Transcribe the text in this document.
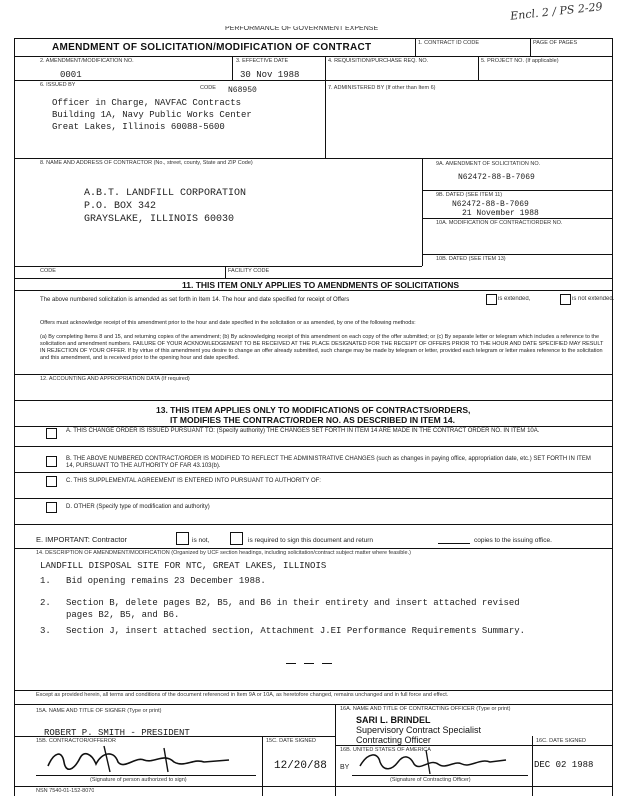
PERFORMANCE OF GOVERNMENT EXPENSE
Encl. 2 / PS 2-29
AMENDMENT OF SOLICITATION/MODIFICATION OF CONTRACT	1. CONTRACT ID CODE	PAGE OF PAGES
2. AMENDMENT/MODIFICATION NO.
0001
3. EFFECTIVE DATE
30 Nov 1988
4. REQUISITION/PURCHASE REQ. NO.	5. PROJECT NO. (If applicable)
6. ISSUED BY	CODE N68950	7. ADMINISTERED BY (If other than Item 6)
Officer in Charge, NAVFAC Contracts
Building 1A, Navy Public Works Center
Great Lakes, Illinois 60088-5600
8. NAME AND ADDRESS OF CONTRACTOR (No., street, county, State and ZIP Code)
A.B.T. LANDFILL CORPORATION
P.O. BOX 342
GRAYSLAKE, ILLINOIS 60030
9A. AMENDMENT OF SOLICITATION NO.
N62472-88-B-7069
9B. DATED (SEE ITEM 11)
N62472-88-B-7069
21 November 1988
10A. MODIFICATION OF CONTRACT/ORDER NO.
10B. DATED (SEE ITEM 13)
CODE	FACILITY CODE
11. THIS ITEM ONLY APPLIES TO AMENDMENTS OF SOLICITATIONS
The above numbered solicitation is amended as set forth in Item 14. The hour and date specified for receipt of Offers	is extended,	is not extended.
Offers must acknowledge receipt of this amendment prior to the hour and date specified in the solicitation or as amended, by one of the following methods:
(a) By completing Items 8 and 15, and returning copies of the amendment; (b) By acknowledging receipt of this amendment on each copy of the offer submitted; or (c) By separate letter or telegram which includes a reference to the solicitation and amendment numbers. FAILURE OF YOUR ACKNOWLEDGEMENT TO BE RECEIVED AT THE PLACE DESIGNATED FOR THE RECEIPT OF OFFERS PRIOR TO THE HOUR AND DATE SPECIFIED MAY RESULT IN REJECTION OF YOUR OFFER. If by virtue of this amendment you desire to change an offer already submitted, such change may be made by telegram or letter, provided each telegram or letter makes reference to the solicitation and this amendment, and is received prior to the opening hour and date specified.
12. ACCOUNTING AND APPROPRIATION DATA (If required)
13. THIS ITEM APPLIES ONLY TO MODIFICATIONS OF CONTRACTS/ORDERS,
IT MODIFIES THE CONTRACT/ORDER NO. AS DESCRIBED IN ITEM 14.
A. THIS CHANGE ORDER IS ISSUED PURSUANT TO: (Specify authority) THE CHANGES SET FORTH IN ITEM 14 ARE MADE IN THE CONTRACT ORDER NO. IN ITEM 10A.
B. THE ABOVE NUMBERED CONTRACT/ORDER IS MODIFIED TO REFLECT THE ADMINISTRATIVE CHANGES (such as changes in paying office, appropriation date, etc.) SET FORTH IN ITEM 14, PURSUANT TO THE AUTHORITY OF FAR 43.103(b).
C. THIS SUPPLEMENTAL AGREEMENT IS ENTERED INTO PURSUANT TO AUTHORITY OF:
D. OTHER (Specify type of modification and authority)
E. IMPORTANT: Contractor	is not,	is required to sign this document and return	copies to the issuing office.
14. DESCRIPTION OF AMENDMENT/MODIFICATION (Organized by UCF section headings, including solicitation/contract subject matter where feasible.)
LANDFILL DISPOSAL SITE FOR NTC, GREAT LAKES, ILLINOIS
1. Bid opening remains 23 December 1988.
2. Section B, delete pages B2, B5, and B6 in their entirety and insert attached revised
pages B2, B5, and B6.
3. Section J, insert attached section, Attachment J.EI Performance Requirements Summary.
Except as provided herein, all terms and conditions of the document referenced in Item 9A or 10A, as heretofore changed, remains unchanged and in full force and effect.
15A. NAME AND TITLE OF SIGNER (Type or print)
ROBERT P. SMITH - PRESIDENT
16A. NAME AND TITLE OF CONTRACTING OFFICER (Type or print)
SARI L. BRINDEL
Supervisory Contract Specialist
Contracting Officer
15B. CONTRACTOR/OFFEROR
(Signature of person authorized to sign)
15C. DATE SIGNED
12/20/88
16B. UNITED STATES OF AMERICA
BY
(Signature of Contracting Officer)
16C. DATE SIGNED
DEC 02 1988
NSN 7540-01-152-8070
